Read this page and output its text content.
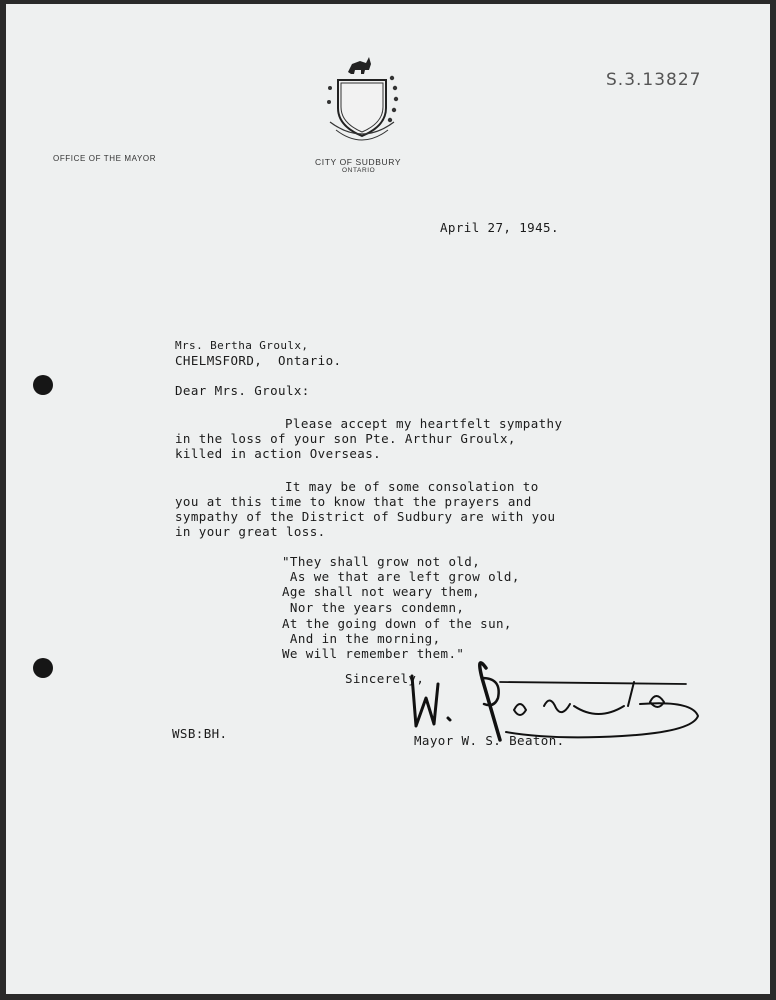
OFFICE OF THE MAYOR	CITY OF SUDBURY
ONTARIO
S.3.13827
April 27, 1945.
Mrs. Bertha Groulx,
CHELMSFORD,  Ontario.
Dear Mrs. Groulx:
Please accept my heartfelt sympathy
in the loss of your son Pte. Arthur Groulx,
killed in action Overseas.
It may be of some consolation to
you at this time to know that the prayers and
sympathy of the District of Sudbury are with you
in your great loss.
"They shall grow not old,
As we that are left grow old,
Age shall not weary them,
Nor the years condemn,
At the going down of the sun,
And in the morning,
We will remember them."
Sincerely,
WSB:BH.	Mayor W. S. Beaton.
